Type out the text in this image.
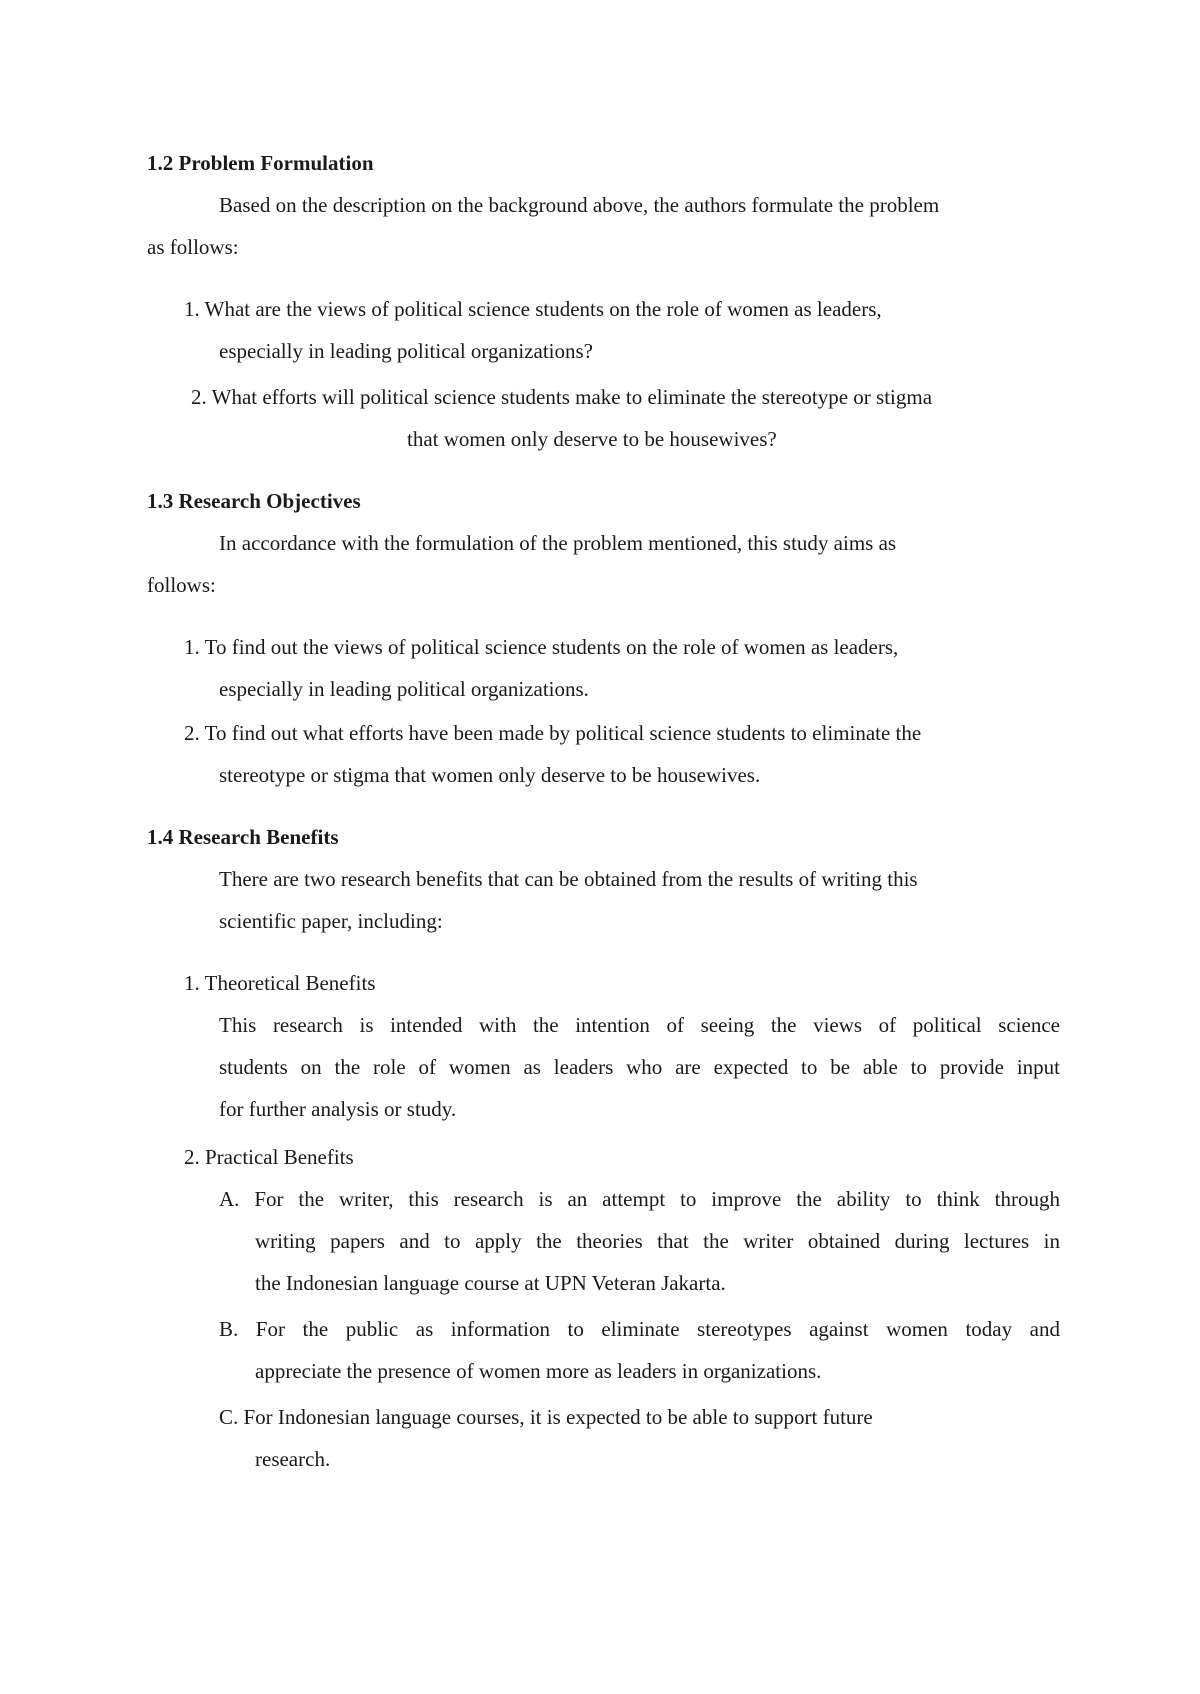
1.2 Problem Formulation
Based on the description on the background above, the authors formulate the problem
as follows:
1. What are the views of political science students on the role of women as leaders,
especially in leading political organizations?
2. What efforts will political science students make to eliminate the stereotype or stigma
that women only deserve to be housewives?
1.3 Research Objectives
In accordance with the formulation of the problem mentioned, this study aims as
follows:
1. To find out the views of political science students on the role of women as leaders,
especially in leading political organizations.
2. To find out what efforts have been made by political science students to eliminate the
stereotype or stigma that women only deserve to be housewives.
1.4 Research Benefits
There are two research benefits that can be obtained from the results of writing this
scientific paper, including:
1. Theoretical Benefits
This research is intended with the intention of seeing the views of political science
students on the role of women as leaders who are expected to be able to provide input
for further analysis or study.
2. Practical Benefits
A. For the writer, this research is an attempt to improve the ability to think through
writing papers and to apply the theories that the writer obtained during lectures in
the Indonesian language course at UPN Veteran Jakarta.
B. For the public as information to eliminate stereotypes against women today and
appreciate the presence of women more as leaders in organizations.
C. For Indonesian language courses, it is expected to be able to support future
research.
